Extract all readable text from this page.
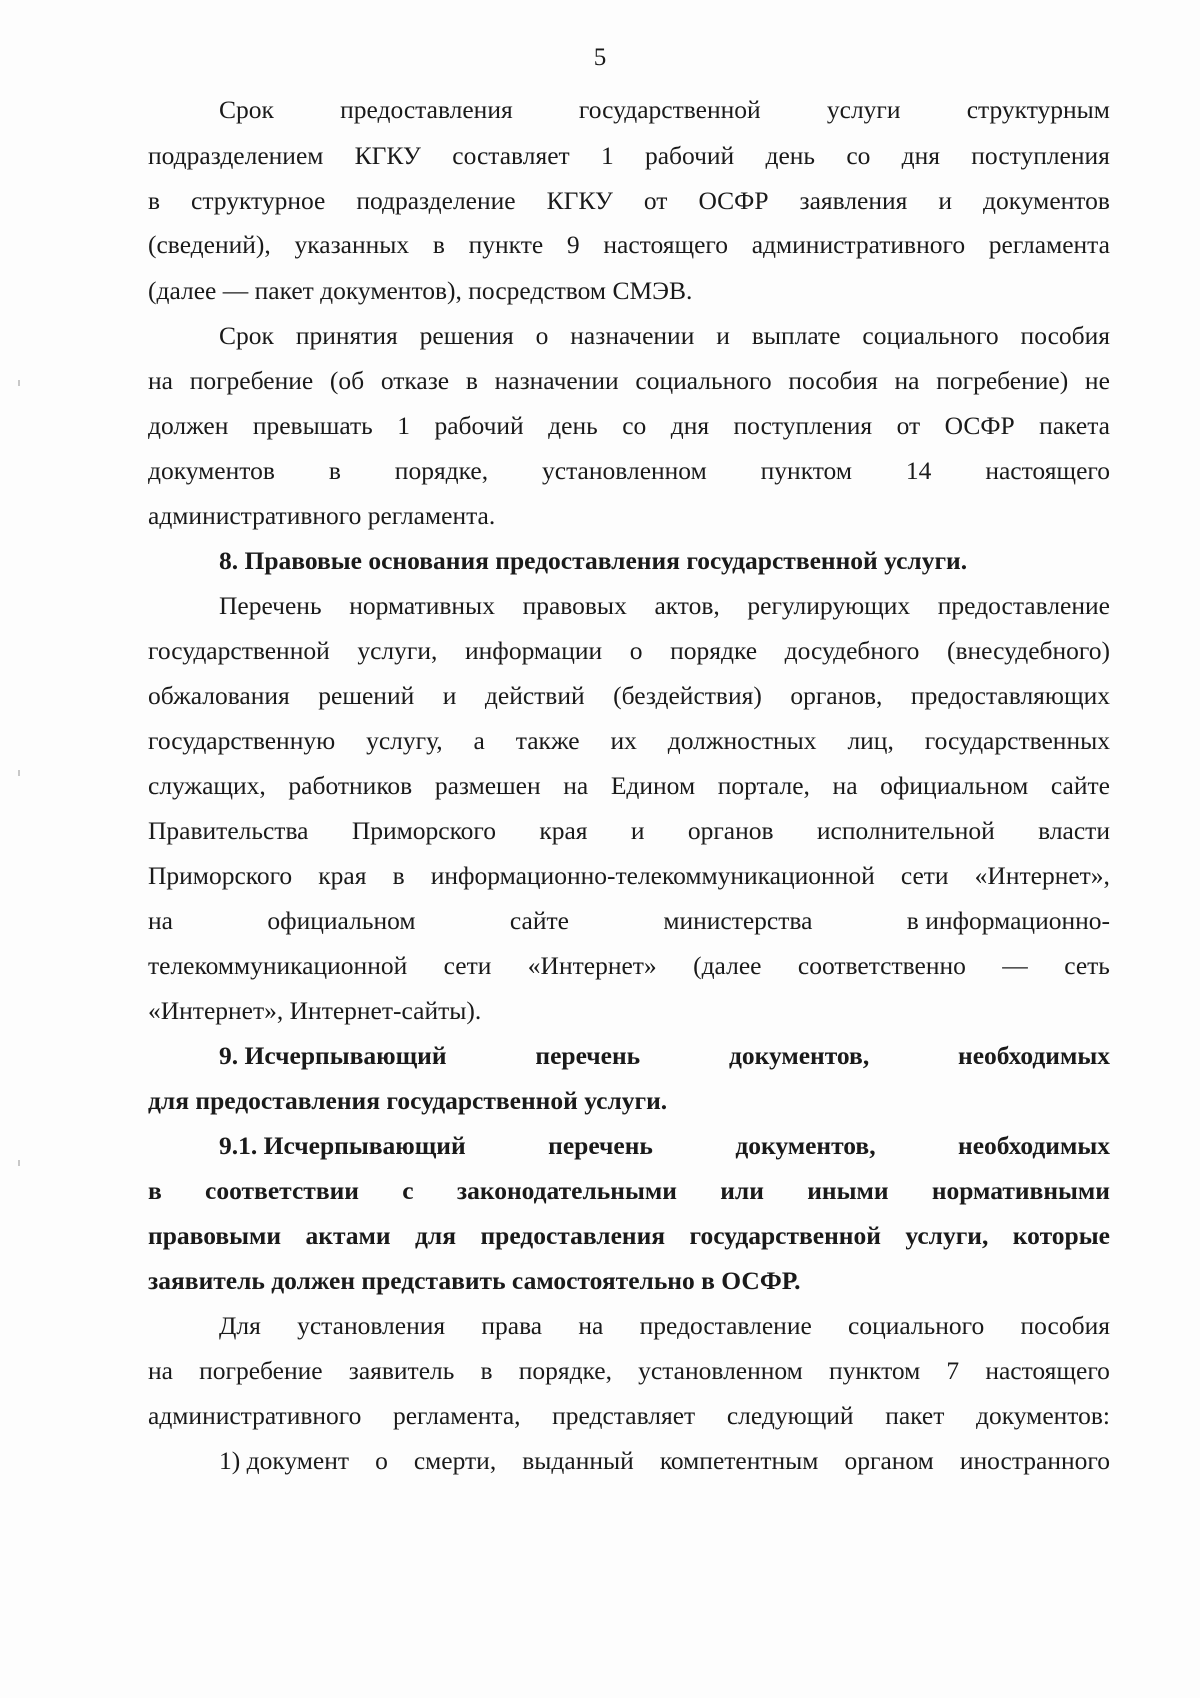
5
Срок	предоставления	государственной	услуги	структурным
подразделением КГКУ составляет 1 рабочий день со дня поступления
в структурное подразделение КГКУ от ОСФР заявления и документов
(сведений), указанных в пункте 9 настоящего административного регламента
(далее — пакет документов), посредством СМЭВ.
Срок принятия решения о назначении и выплате социального пособия
на погребение (об отказе в назначении социального пособия на погребение) не
должен превышать 1 рабочий день со дня поступления от ОСФР пакета
документов в порядке, установленном пунктом 14 настоящего
административного регламента.
8. Правовые основания предоставления государственной услуги.
Перечень нормативных правовых актов, регулирующих предоставление
государственной услуги, информации о порядке досудебного (внесудебного)
обжалования решений и действий (бездействия) органов, предоставляющих
государственную услугу, а также их должностных лиц, государственных
служащих, работников размешен на Едином портале, на официальном сайте
Правительства Приморского края и органов исполнительной власти
Приморского края в информационно-телекоммуникационной сети «Интернет»,
на	официальном	сайте	министерства	в информационно-
телекоммуникационной сети «Интернет» (далее соответственно — сеть
«Интернет», Интернет-сайты).
9. Исчерпывающий	перечень	документов,	необходимых
для предоставления государственной услуги.
9.1. Исчерпывающий	перечень	документов,	необходимых
в соответствии с законодательными или иными нормативными
правовыми актами для предоставления государственной услуги, которые
заявитель должен представить самостоятельно в ОСФР.
Для установления права на предоставление социального пособия
на погребение заявитель в порядке, установленном пунктом 7 настоящего
административного регламента, представляет следующий пакет документов:
1) документ о смерти, выданный компетентным органом иностранного
